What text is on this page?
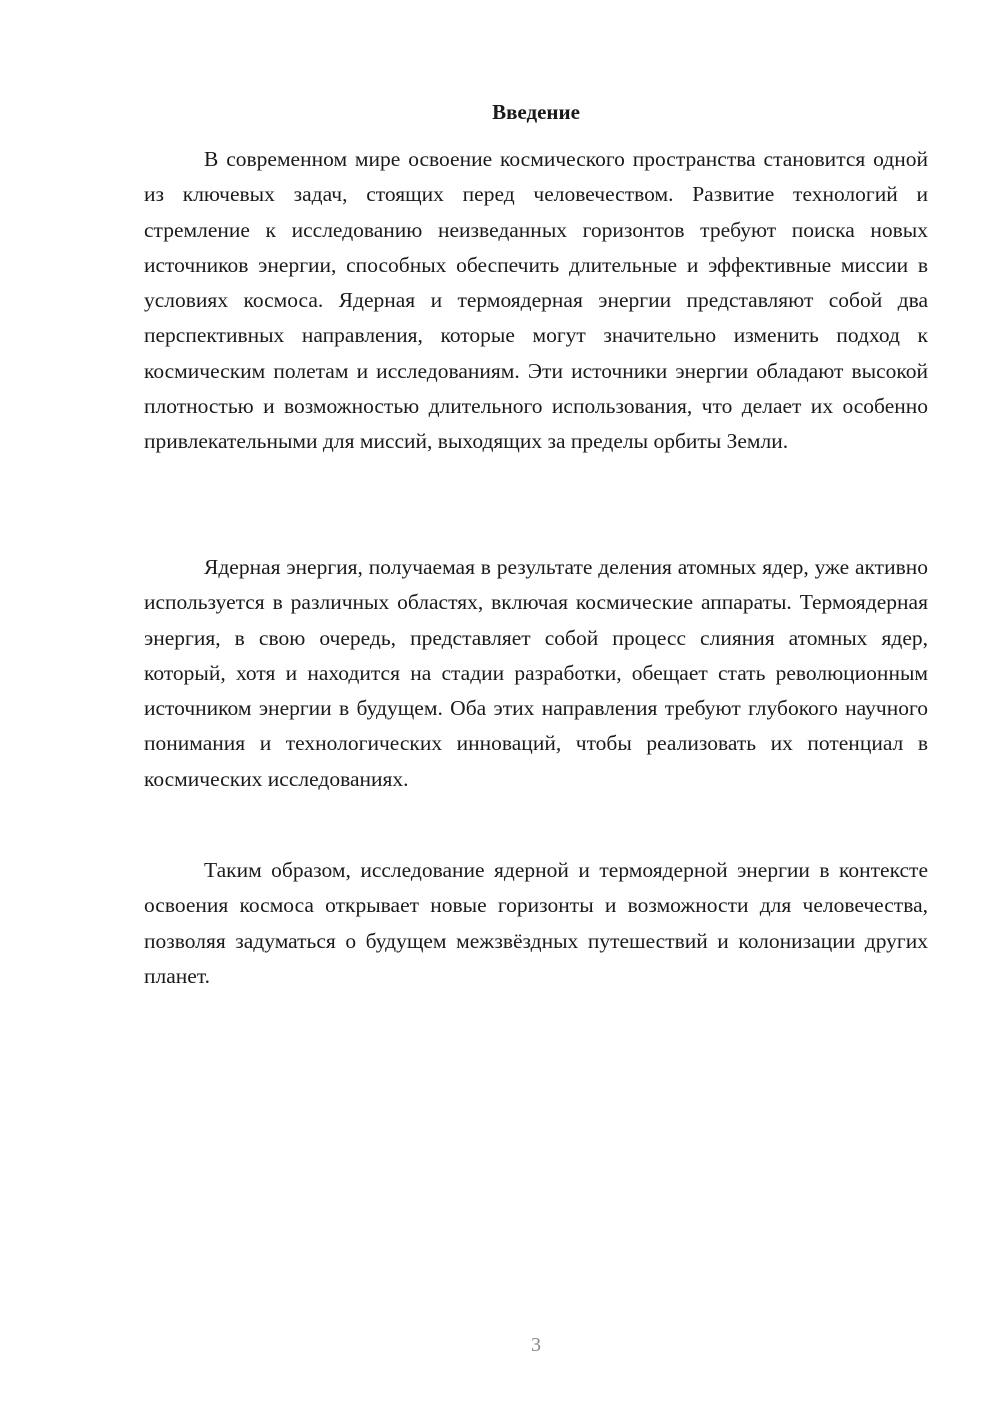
Введение

В современном мире освоение космического пространства становится одной из ключевых задач, стоящих перед человечеством. Развитие технологий и стремление к исследованию неизведанных горизонтов требуют поиска новых источников энергии, способных обеспечить длительные и эффективные миссии в условиях космоса. Ядерная и термоядерная энергии представляют собой два перспективных направления, которые могут значительно изменить подход к космическим полетам и исследованиям. Эти источники энергии обладают высокой плотностью и возможностью длительного использования, что делает их особенно привлекательными для миссий, выходящих за пределы орбиты Земли.

Ядерная энергия, получаемая в результате деления атомных ядер, уже активно используется в различных областях, включая космические аппараты. Термоядерная энергия, в свою очередь, представляет собой процесс слияния атомных ядер, который, хотя и находится на стадии разработки, обещает стать революционным источником энергии в будущем. Оба этих направления требуют глубокого научного понимания и технологических инноваций, чтобы реализовать их потенциал в космических исследованиях.

Таким образом, исследование ядерной и термоядерной энергии в контексте освоения космоса открывает новые горизонты и возможности для человечества, позволяя задуматься о будущем межзвёздных путешествий и колонизации других планет.

3
